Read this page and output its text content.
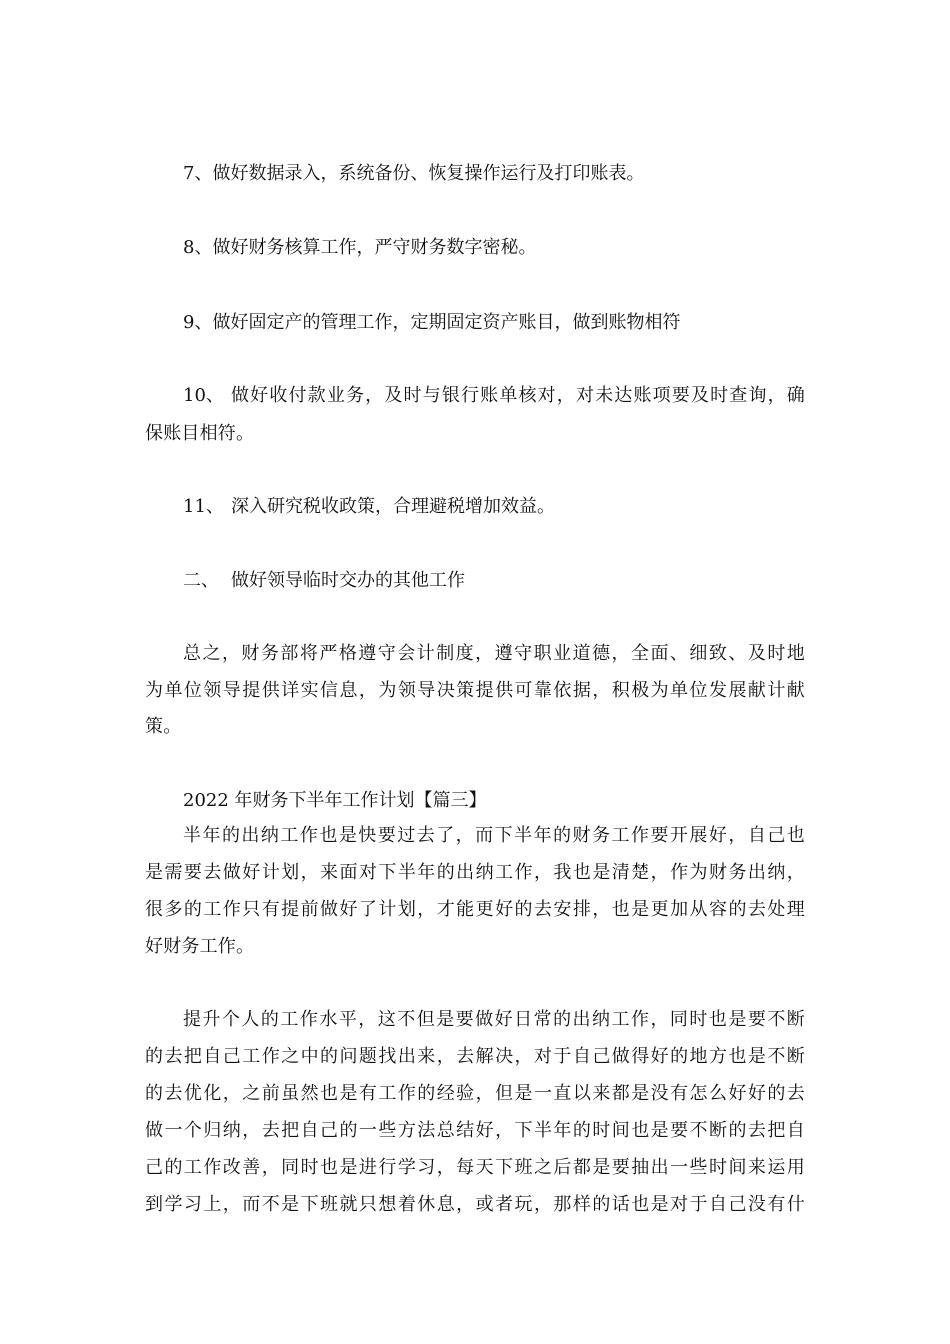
7、做好数据录入，系统备份、恢复操作运行及打印账表。
8、做好财务核算工作，严守财务数字密秘。
9、做好固定产的管理工作，定期固定资产账目，做到账物相符
10、 做好收付款业务，及时与银行账单核对，对未达账项要及时查询，确
保账目相符。
11、 深入研究税收政策，合理避税增加效益。
二、 做好领导临时交办的其他工作
总之，财务部将严格遵守会计制度，遵守职业道德，全面、细致、及时地
为单位领导提供详实信息，为领导决策提供可靠依据，积极为单位发展献计献
策。
2022 年财务下半年工作计划【篇三】
半年的出纳工作也是快要过去了，而下半年的财务工作要开展好，自己也
是需要去做好计划，来面对下半年的出纳工作，我也是清楚，作为财务出纳，
很多的工作只有提前做好了计划，才能更好的去安排，也是更加从容的去处理
好财务工作。
提升个人的工作水平，这不但是要做好日常的出纳工作，同时也是要不断
的去把自己工作之中的问题找出来，去解决，对于自己做得好的地方也是不断
的去优化，之前虽然也是有工作的经验，但是一直以来都是没有怎么好好的去
做一个归纳，去把自己的一些方法总结好，下半年的时间也是要不断的去把自
己的工作改善，同时也是进行学习，每天下班之后都是要抽出一些时间来运用
到学习上，而不是下班就只想着休息，或者玩，那样的话也是对于自己没有什
